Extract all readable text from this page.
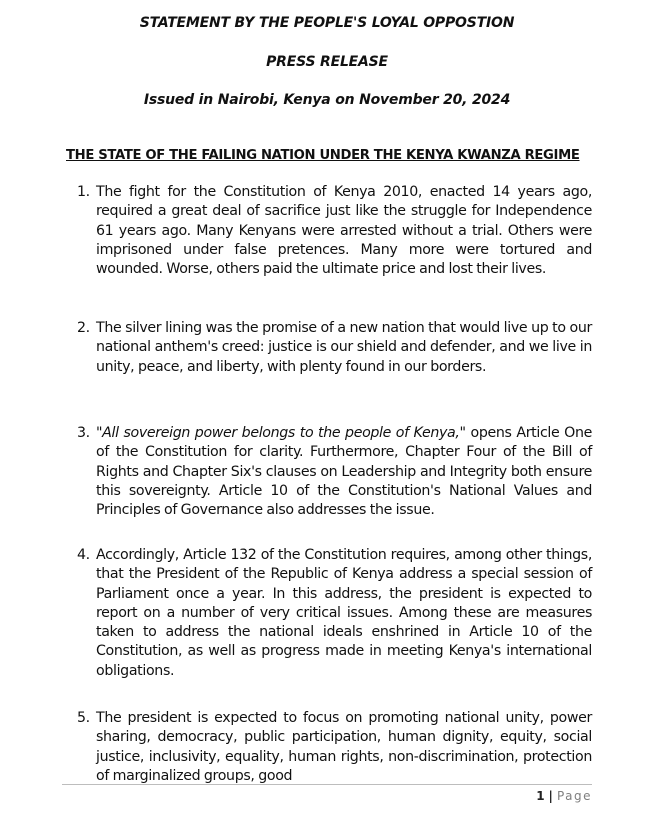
STATEMENT BY THE PEOPLE'S LOYAL OPPOSTION
PRESS RELEASE
Issued in Nairobi, Kenya on November 20, 2024
THE STATE OF THE FAILING NATION UNDER THE KENYA KWANZA REGIME
1. The fight for the Constitution of Kenya 2010, enacted 14 years ago, required a great deal of sacrifice just like the struggle for Independence 61 years ago. Many Kenyans were arrested without a trial. Others were imprisoned under false pretences. Many more were tortured and wounded. Worse, others paid the ultimate price and lost their lives.
2. The silver lining was the promise of a new nation that would live up to our national anthem's creed: justice is our shield and defender, and we live in unity, peace, and liberty, with plenty found in our borders.
3. "All sovereign power belongs to the people of Kenya," opens Article One of the Constitution for clarity. Furthermore, Chapter Four of the Bill of Rights and Chapter Six's clauses on Leadership and Integrity both ensure this sovereignty. Article 10 of the Constitution's National Values and Principles of Governance also addresses the issue.
4. Accordingly, Article 132 of the Constitution requires, among other things, that the President of the Republic of Kenya address a special session of Parliament once a year. In this address, the president is expected to report on a number of very critical issues. Among these are measures taken to address the national ideals enshrined in Article 10 of the Constitution, as well as progress made in meeting Kenya's international obligations.
5. The president is expected to focus on promoting national unity, power sharing, democracy, public participation, human dignity, equity, social justice, inclusivity, equality, human rights, non-discrimination, protection of marginalized groups, good
1 | Page
